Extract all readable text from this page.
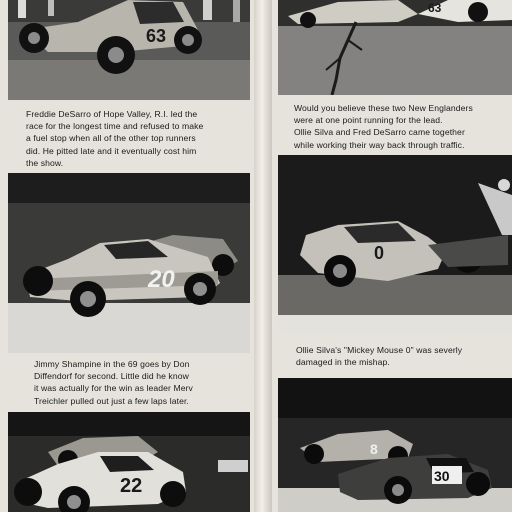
63
Freddie DeSarro of Hope Valley, R.I. led the
race for the longest time and refused to make
a fuel stop when all of the other top runners
did. He pitted late and it eventually cost him
the show.
20
Jimmy Shampine in the 69 goes by Don
Diffendorf for second. Little did he know
it was actually for the win as leader Merv
Treichler pulled out just a few laps later.
22
63
Would you believe these two New Englanders
were at one point running for the lead.
Ollie Silva and Fred DeSarro came together
while working their way back through traffic.
0
Ollie Silva's "Mickey Mouse 0" was severly
damaged in the mishap.
8
30
